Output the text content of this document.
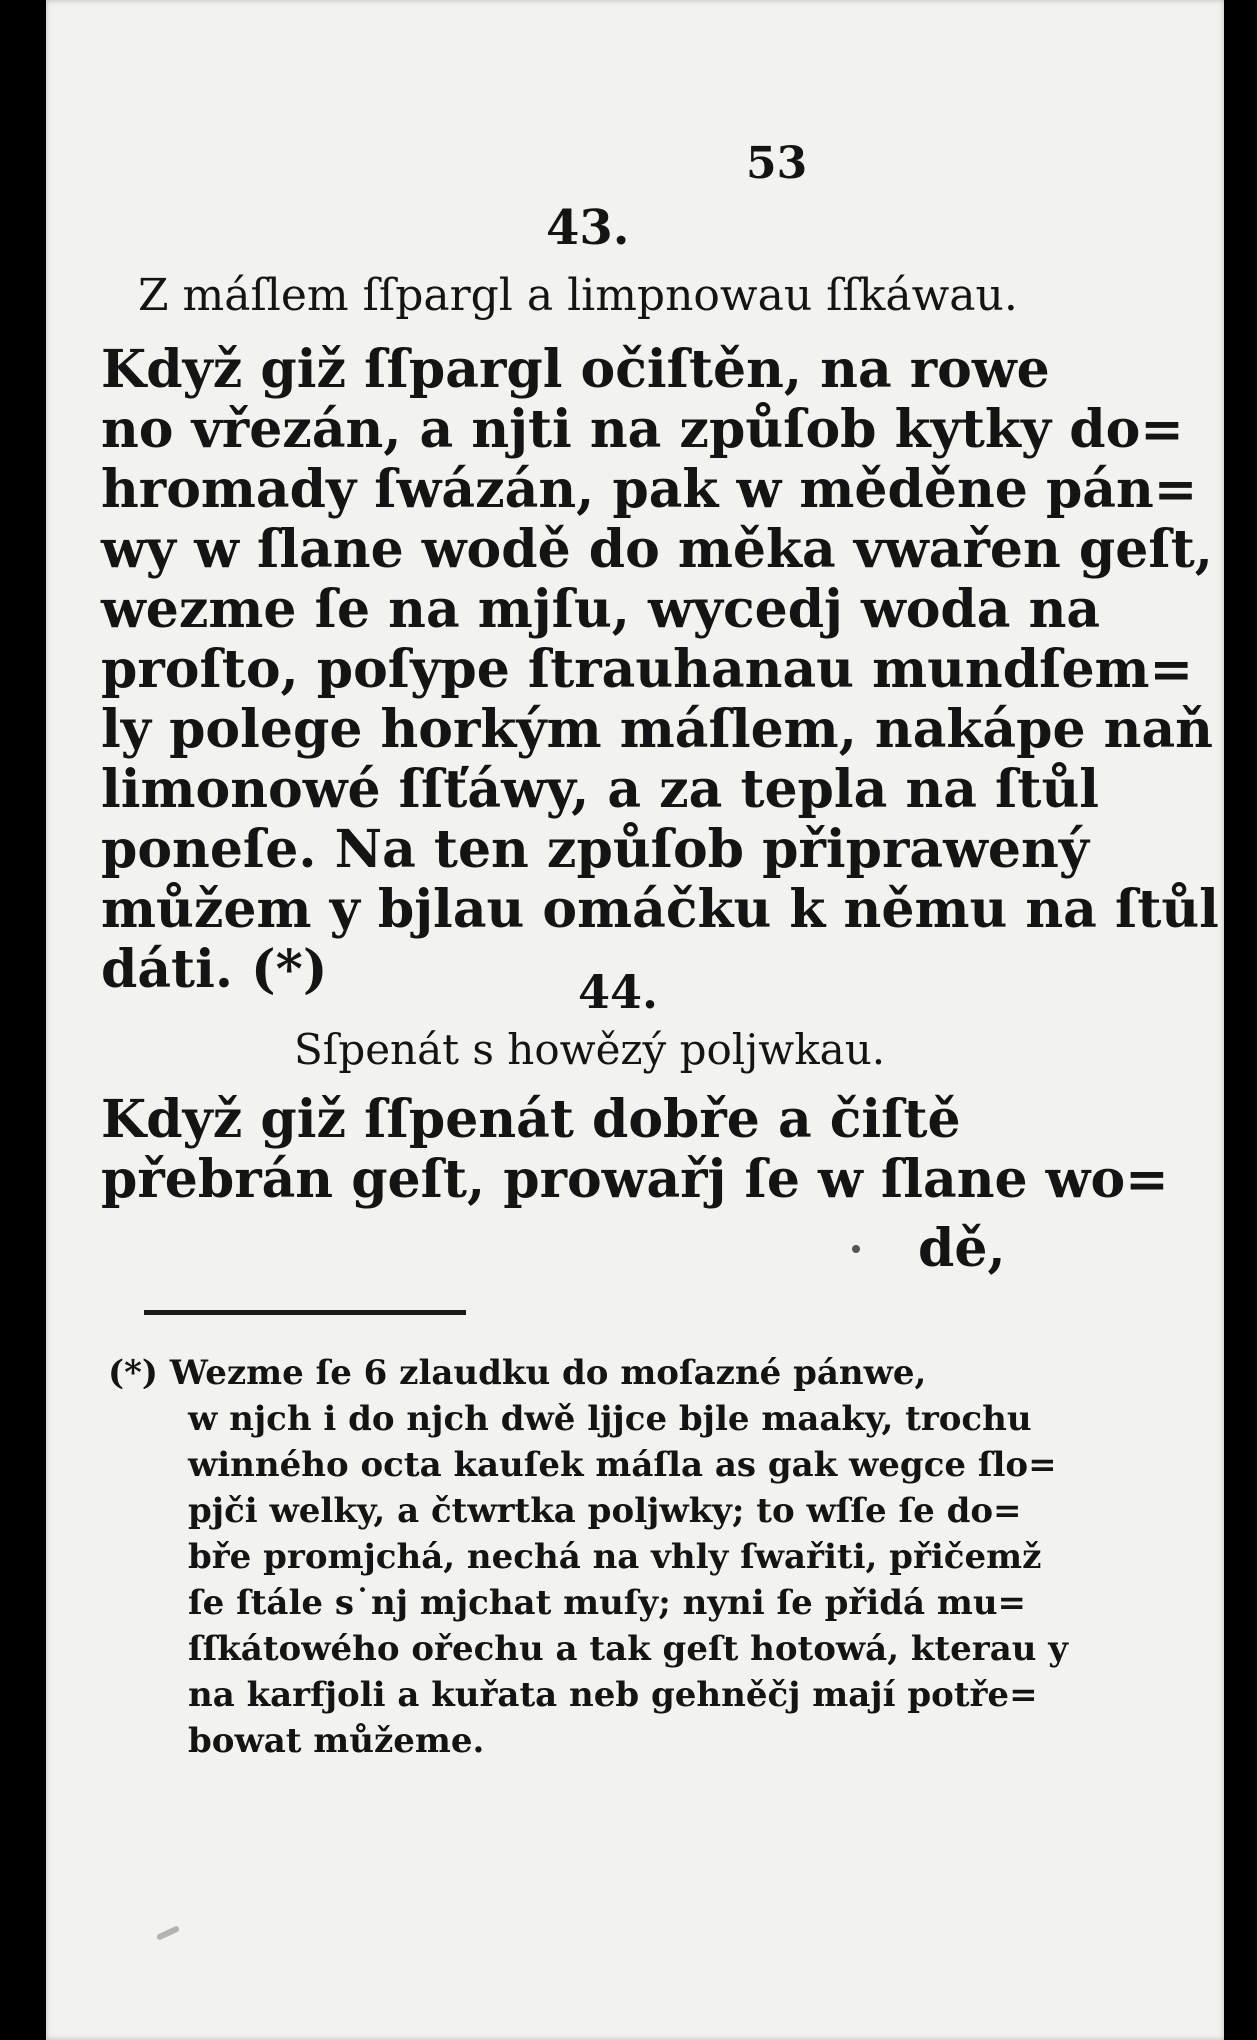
53
43.
Z máſlem ſſpargl a limpnowau ſſkáwau.
Když giž ſſpargl očiſtěn, na rowe
no vřezán, a njti na způſob kytky do=
hromady ſwázán, pak w měděne pán=
wy w ſlane wodě do měka vwařen geſt,
wezme ſe na mjſu, wycedj woda na
proſto, poſype ſtrauhanau mundſem=
ly polege horkým máſlem, nakápe naň
limonowé ſſťáwy, a za tepla na ſtůl
poneſe. Na ten způſob připrawený
můžem y bjlau omáčku k němu na ſtůl
dáti. (*)	44.
Sſpenát s howězý poljwkau.
Když giž ſſpenát dobře a čiſtě
přebrán geſt, prowařj ſe w ſlane wo=
dě,
(*) Wezme ſe 6 zlaudku do moſazné pánwe,
w njch i do njch dwě ljjce bjle maaky, trochu
winného octa kauſek máſla as gak wegce ſlo=
pjči welky, a čtwrtka poljwky; to wſſe ſe do=
bře promjchá, nechá na vhly ſwařiti, přičemž
ſe ſtále s˙nj mjchat muſy; nyni ſe přidá mu=
ſſkátowého ořechu a tak geſt hotowá, kterau y
na karfjoli a kuřata neb gehněčj mají potře=
bowat můžeme.
